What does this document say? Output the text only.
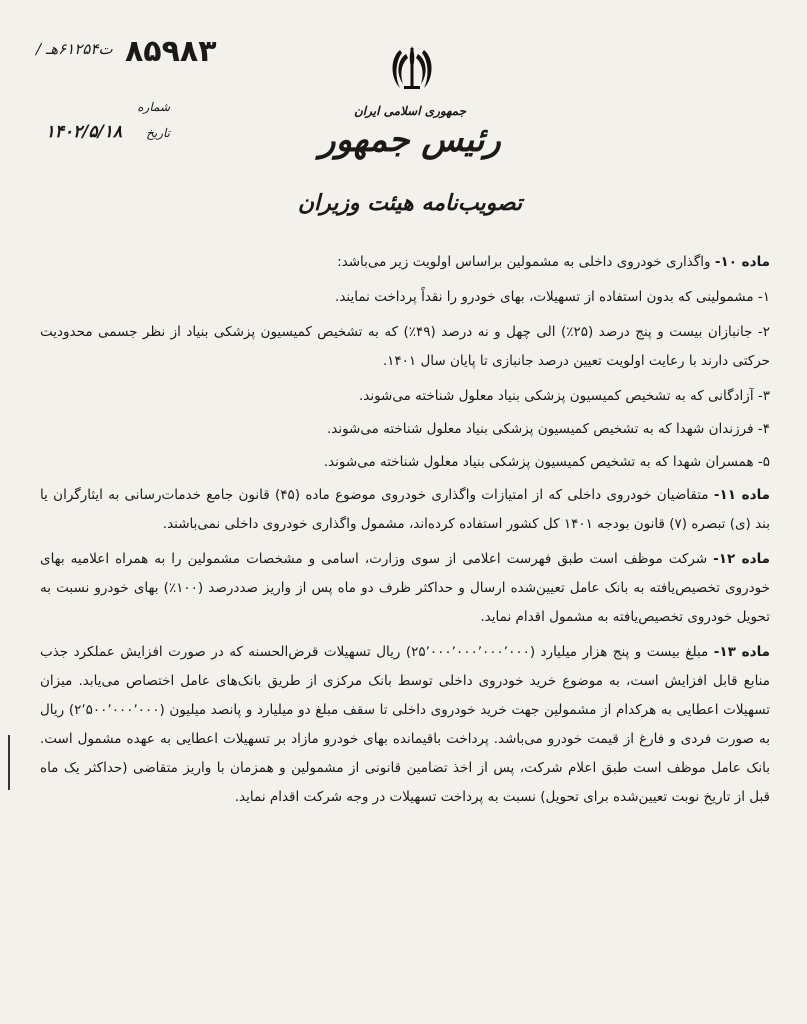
۸۵۹۸۳
ت۶۱۲۵۴هـ /
شماره
تاریخ
۱۴۰۲/۵/۱۸
جمهوری اسلامی ایران
رئیس جمهور
تصویب‌نامه هیئت وزیران

ماده ۱۰- واگذاری خودروی داخلی به مشمولین براساس اولویت زیر می‌باشد:

۱- مشمولینی که بدون استفاده از تسهیلات، بهای خودرو را نقداً پرداخت نمایند.

۲- جانبازان بیست و پنج درصد (۲۵٪) الی چهل و نه درصد (۴۹٪) که به تشخیص کمیسیون پزشکی بنیاد از نظر جسمی محدودیت حرکتی دارند با رعایت اولویت تعیین درصد جانبازی تا پایان سال ۱۴۰۱.

۳- آزادگانی که به تشخیص کمیسیون پزشکی بنیاد معلول شناخته می‌شوند.

۴- فرزندان شهدا که به تشخیص کمیسیون پزشکی بنیاد معلول شناخته می‌شوند.

۵- همسران شهدا که به تشخیص کمیسیون پزشکی بنیاد معلول شناخته می‌شوند.

ماده ۱۱- متقاضیان خودروی داخلی که از امتیازات واگذاری خودروی موضوع ماده (۴۵) قانون جامع خدمات‌رسانی به ایثارگران یا بند (ی) تبصره (۷) قانون بودجه ۱۴۰۱ کل کشور استفاده کرده‌اند، مشمول واگذاری خودروی داخلی نمی‌باشند.

ماده ۱۲- شرکت موظف است طبق فهرست اعلامی از سوی وزارت، اسامی و مشخصات مشمولین را به همراه اعلامیه بهای خودروی تخصیص‌یافته به بانک عامل تعیین‌شده ارسال و حداکثر ظرف دو ماه پس از واریز صددرصد (۱۰۰٪) بهای خودرو نسبت به تحویل خودروی تخصیص‌یافته به مشمول اقدام نماید.

ماده ۱۳- مبلغ بیست و پنج هزار میلیارد (۲۵٬۰۰۰٬۰۰۰٬۰۰۰٬۰۰۰) ریال تسهیلات قرض‌الحسنه که در صورت افزایش عملکرد جذب منابع قابل افزایش است، به موضوع خرید خودروی داخلی توسط بانک مرکزی از طریق بانک‌های عامل اختصاص می‌یابد. میزان تسهیلات اعطایی به هرکدام از مشمولین جهت خرید خودروی داخلی تا سقف مبلغ دو میلیارد و پانصد میلیون (۲٬۵۰۰٬۰۰۰٬۰۰۰) ریال به صورت فردی و فارغ از قیمت خودرو می‌باشد. پرداخت باقیمانده بهای خودرو مازاد بر تسهیلات اعطایی به عهده مشمول است. بانک عامل موظف است طبق اعلام شرکت، پس از اخذ تضامین قانونی از مشمولین و همزمان با واریز متقاضی (حداکثر یک ماه قبل از تاریخ نوبت تعیین‌شده برای تحویل) نسبت به پرداخت تسهیلات در وجه شرکت اقدام نماید.
